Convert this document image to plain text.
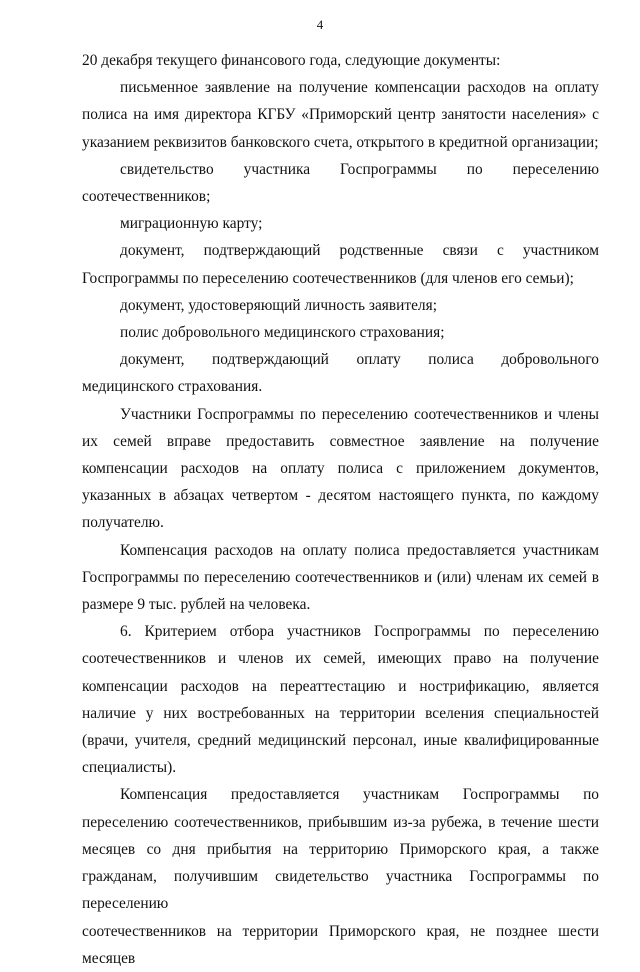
4

20 декабря текущего финансового года, следующие документы:

письменное заявление на получение компенсации расходов на оплату полиса на имя директора КГБУ «Приморский центр занятости населения» с указанием реквизитов банковского счета, открытого в кредитной организации;

свидетельство участника Госпрограммы по переселению соотечественников;

миграционную карту;

документ, подтверждающий родственные связи с участником Госпрограммы по переселению соотечественников (для членов его семьи);

документ, удостоверяющий личность заявителя;

полис добровольного медицинского страхования;

документ, подтверждающий оплату полиса добровольного медицинского страхования.

Участники Госпрограммы по переселению соотечественников и члены их семей вправе предоставить совместное заявление на получение компенсации расходов на оплату полиса с приложением документов, указанных в абзацах четвертом - десятом настоящего пункта, по каждому получателю.

Компенсация расходов на оплату полиса предоставляется участникам Госпрограммы по переселению соотечественников и (или) членам их семей в размере 9 тыс. рублей на человека.

6. Критерием отбора участников Госпрограммы по переселению соотечественников и членов их семей, имеющих право на получение компенсации расходов на переаттестацию и нострификацию, является наличие у них востребованных на территории вселения специальностей (врачи, учителя, средний медицинский персонал, иные квалифицированные специалисты).

Компенсация предоставляется участникам Госпрограммы по переселению соотечественников, прибывшим из-за рубежа, в течение шести месяцев со дня прибытия на территорию Приморского края, а также гражданам, получившим свидетельство участника Госпрограммы по переселению

соотечественников на территории Приморского края, не позднее шести месяцев
